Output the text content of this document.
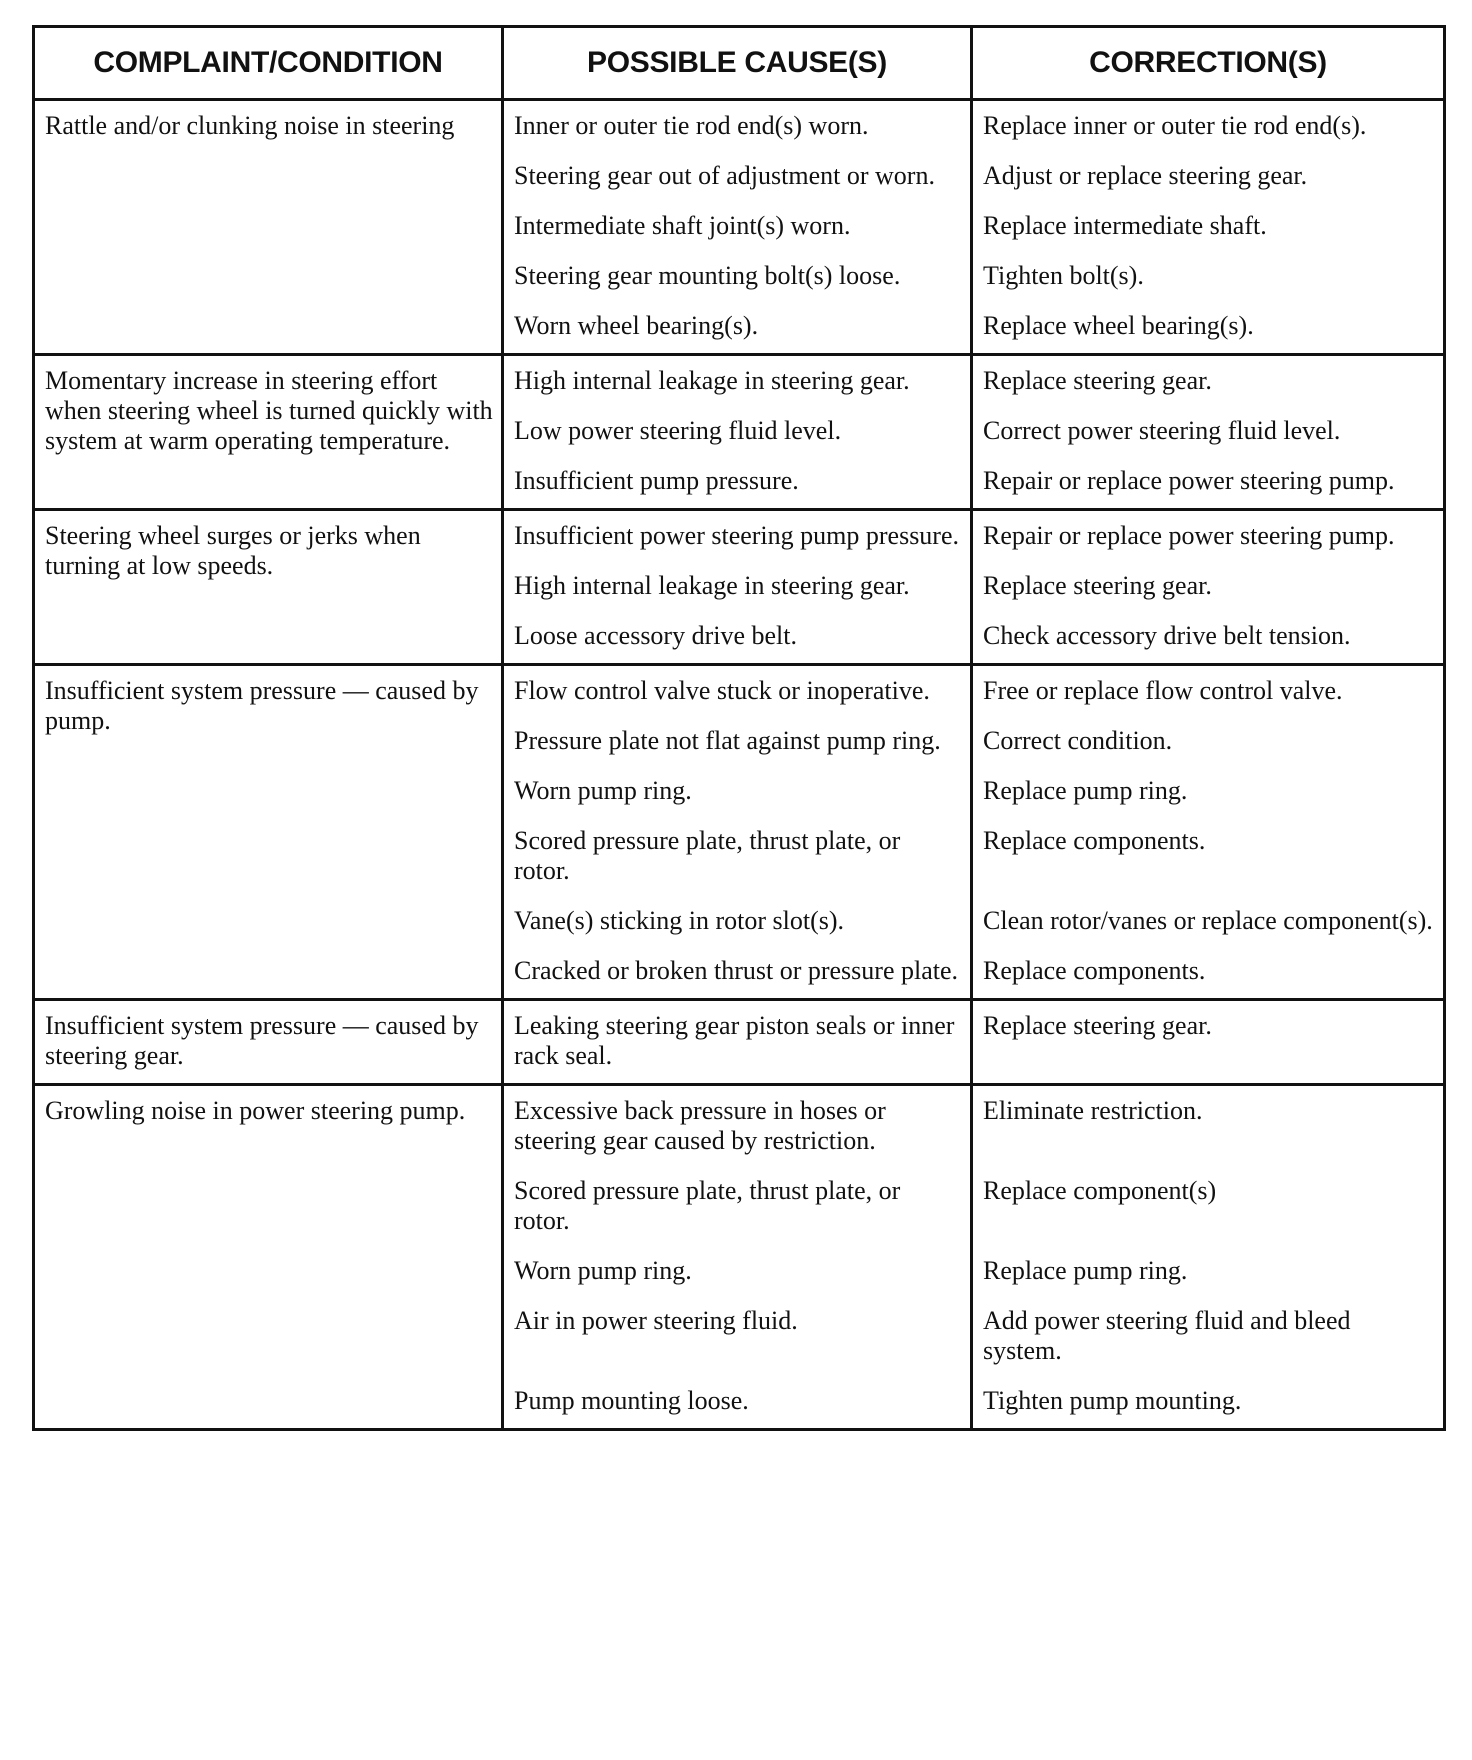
COMPLAINT/CONDITION	POSSIBLE CAUSE(S)	CORRECTION(S)

Rattle and/or clunking noise in steering	Inner or outer tie rod end(s) worn.	Replace inner or outer tie rod end(s).

	Steering gear out of adjustment or worn.	Adjust or replace steering gear.

	Intermediate shaft joint(s) worn.	Replace intermediate shaft.

	Steering gear mounting bolt(s) loose.	Tighten bolt(s).

	Worn wheel bearing(s).	Replace wheel bearing(s).

Momentary increase in steering effort when steering wheel is turned quickly with system at warm operating temperature.	High internal leakage in steering gear.	Replace steering gear.

	Low power steering fluid level.	Correct power steering fluid level.

	Insufficient pump pressure.	Repair or replace power steering pump.

Steering wheel surges or jerks when turning at low speeds.	Insufficient power steering pump pressure.	Repair or replace power steering pump.

	High internal leakage in steering gear.	Replace steering gear.

	Loose accessory drive belt.	Check accessory drive belt tension.

Insufficient system pressure — caused by pump.	Flow control valve stuck or inoperative.	Free or replace flow control valve.

	Pressure plate not flat against pump ring.	Correct condition.

	Worn pump ring.	Replace pump ring.

	Scored pressure plate, thrust plate, or rotor.	Replace components.

	Vane(s) sticking in rotor slot(s).	Clean rotor/vanes or replace component(s).

	Cracked or broken thrust or pressure plate.	Replace components.

Insufficient system pressure — caused by steering gear.	Leaking steering gear piston seals or inner rack seal.	Replace steering gear.

Growling noise in power steering pump.	Excessive back pressure in hoses or steering gear caused by restriction.	Eliminate restriction.

	Scored pressure plate, thrust plate, or rotor.	Replace component(s)

	Worn pump ring.	Replace pump ring.

	Air in power steering fluid.	Add power steering fluid and bleed system.

	Pump mounting loose.	Tighten pump mounting.
